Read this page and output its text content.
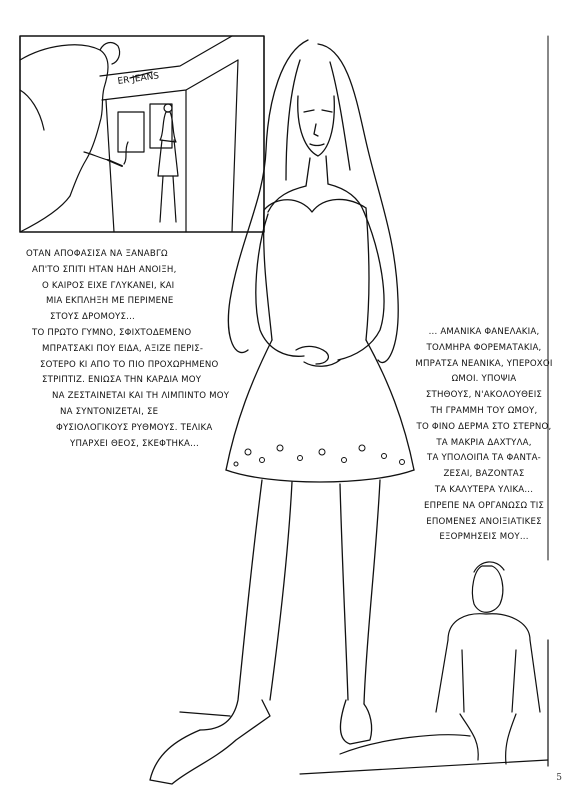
ER JEANS
ΟΤΑΝ ΑΠΟΦΑΣΙΣΑ ΝΑ ΞΑΝΑΒΓΩ
ΑΠ'ΤΟ ΣΠΙΤΙ ΗΤΑΝ ΗΔΗ ΑΝΟΙΞΗ,
Ο ΚΑΙΡΟΣ ΕΙΧΕ ΓΛΥΚΑΝΕΙ, ΚΑΙ
ΜΙΑ ΕΚΠΛΗΞΗ ΜΕ ΠΕΡΙΜΕΝΕ
ΣΤΟΥΣ ΔΡΟΜΟΥΣ...
ΤΟ ΠΡΩΤΟ ΓΥΜΝΟ, ΣΦΙΧΤΟΔΕΜΕΝΟ
ΜΠΡΑΤΣΑΚΙ ΠΟΥ ΕΙΔΑ, ΑΞΙΖΕ ΠΕΡΙΣ-
ΣΟΤΕΡΟ ΚΙ ΑΠΟ ΤΟ ΠΙΟ ΠΡΟΧΩΡΗΜΕΝΟ
ΣΤΡΙΠΤΙΖ. ΕΝΙΩΣΑ ΤΗΝ ΚΑΡΔΙΑ ΜΟΥ
ΝΑ ΖΕΣΤΑΙΝΕΤΑΙ ΚΑΙ ΤΗ ΛΙΜΠΙΝΤΟ ΜΟΥ
ΝΑ ΣΥΝΤΟΝΙΖΕΤΑΙ, ΣΕ
ΦΥΣΙΟΛΟΓΙΚΟΥΣ ΡΥΘΜΟΥΣ. ΤΕΛΙΚΑ
ΥΠΑΡΧΕΙ ΘΕΟΣ, ΣΚΕΦΤΗΚΑ...
... ΑΜΑΝΙΚΑ ΦΑΝΕΛΑΚΙΑ,
ΤΟΛΜΗΡΑ ΦΟΡΕΜΑΤΑΚΙΑ,
ΜΠΡΑΤΣΑ ΝΕΑΝΙΚΑ, ΥΠΕΡΟΧΟΙ
ΩΜΟΙ. ΥΠΟΨΙΑ
ΣΤΗΘΟΥΣ, Ν'ΑΚΟΛΟΥΘΕΙΣ
ΤΗ ΓΡΑΜΜΗ ΤΟΥ ΩΜΟΥ,
ΤΟ ΦΙΝΟ ΔΕΡΜΑ ΣΤΟ ΣΤΕΡΝΟ,
ΤΑ ΜΑΚΡΙΑ ΔΑΧΤΥΛΑ,
ΤΑ ΥΠΟΛΟΙΠΑ ΤΑ ΦΑΝΤΑ-
ΖΕΣΑΙ, ΒΑΖΟΝΤΑΣ
ΤΑ ΚΑΛΥΤΕΡΑ ΥΛΙΚΑ...
ΕΠΡΕΠΕ ΝΑ ΟΡΓΑΝΩΣΩ ΤΙΣ
ΕΠΟΜΕΝΕΣ ΑΝΟΙΞΙΑΤΙΚΕΣ
ΕΞΟΡΜΗΣΕΙΣ ΜΟΥ...
5
